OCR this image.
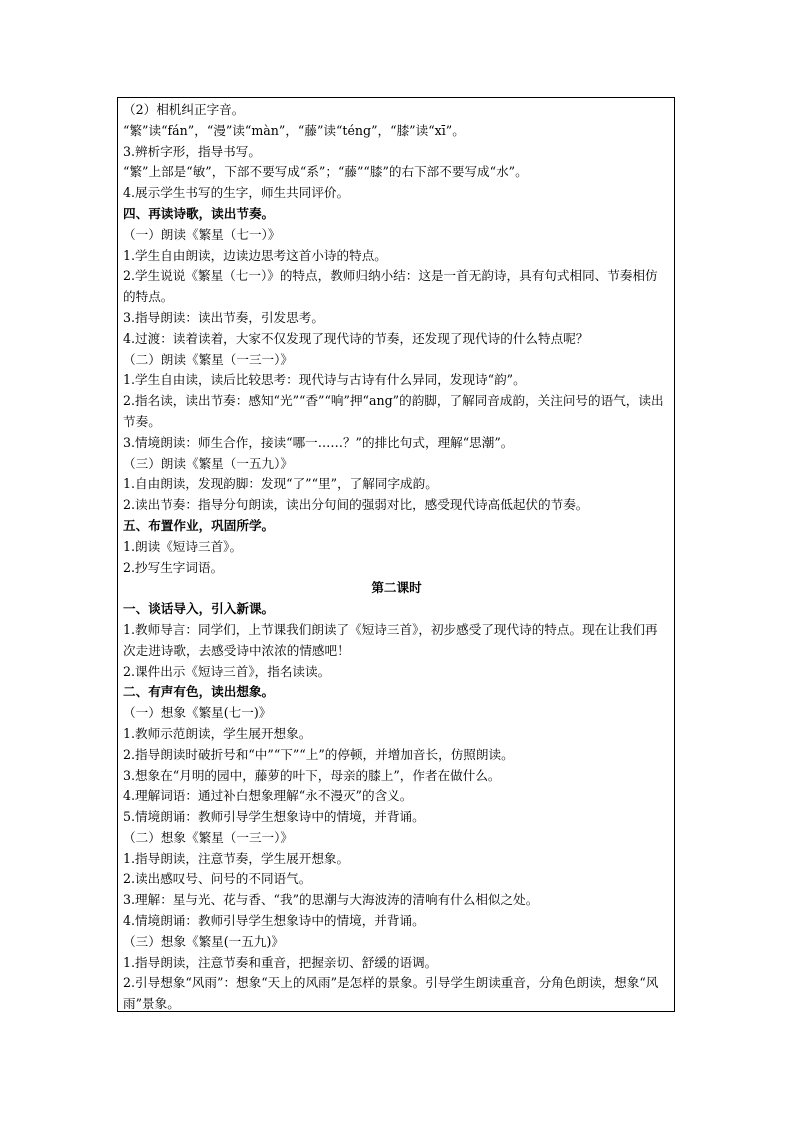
（2）相机纠正字音。
“繁”读“fán”，“漫”读“màn”，“藤”读“téng”，“膝”读“xī”。
3.辨析字形，指导书写。
“繁”上部是“敏”，下部不要写成“系”；“藤”“膝”的右下部不要写成“水”。
4.展示学生书写的生字，师生共同评价。
四、再读诗歌，读出节奏。
（一）朗读《繁星（七一）》
1.学生自由朗读，边读边思考这首小诗的特点。
2.学生说说《繁星（七一）》的特点，教师归纳小结：这是一首无韵诗，具有句式相同、节奏相仿的特点。
3.指导朗读：读出节奏，引发思考。
4.过渡：读着读着，大家不仅发现了现代诗的节奏，还发现了现代诗的什么特点呢？
（二）朗读《繁星（一三一）》
1.学生自由读，读后比较思考：现代诗与古诗有什么异同，发现诗“韵”。
2.指名读，读出节奏：感知“光”“香”“响”押“ang”的韵脚，了解同音成韵，关注问号的语气，读出节奏。
3.情境朗读：师生合作，接读“哪一……？”的排比句式，理解“思潮”。
（三）朗读《繁星（一五九）》
1.自由朗读，发现韵脚：发现“了”“里”，了解同字成韵。
2.读出节奏：指导分句朗读，读出分句间的强弱对比，感受现代诗高低起伏的节奏。
五、布置作业，巩固所学。
1.朗读《短诗三首》。
2.抄写生字词语。
第二课时
一、谈话导入，引入新课。
1.教师导言：同学们，上节课我们朗读了《短诗三首》，初步感受了现代诗的特点。现在让我们再次走进诗歌，去感受诗中浓浓的情感吧！
2.课件出示《短诗三首》，指名读读。
二、有声有色，读出想象。
（一）想象《繁星(七一)》
1.教师示范朗读，学生展开想象。
2.指导朗读时破折号和“中”“下”“上”的停顿，并增加音长，仿照朗读。
3.想象在“月明的园中，藤萝的叶下，母亲的膝上”，作者在做什么。
4.理解词语：通过补白想象理解“永不漫灭”的含义。
5.情境朗诵：教师引导学生想象诗中的情境，并背诵。
（二）想象《繁星（一三一）》
1.指导朗读，注意节奏，学生展开想象。
2.读出感叹号、问号的不同语气。
3.理解：星与光、花与香、“我”的思潮与大海波涛的清响有什么相似之处。
4.情境朗诵：教师引导学生想象诗中的情境，并背诵。
（三）想象《繁星(一五九)》
1.指导朗读，注意节奏和重音，把握亲切、舒缓的语调。
2.引导想象“风雨”：想象“天上的风雨”是怎样的景象。引导学生朗读重音，分角色朗读，想象“风雨”景象。
